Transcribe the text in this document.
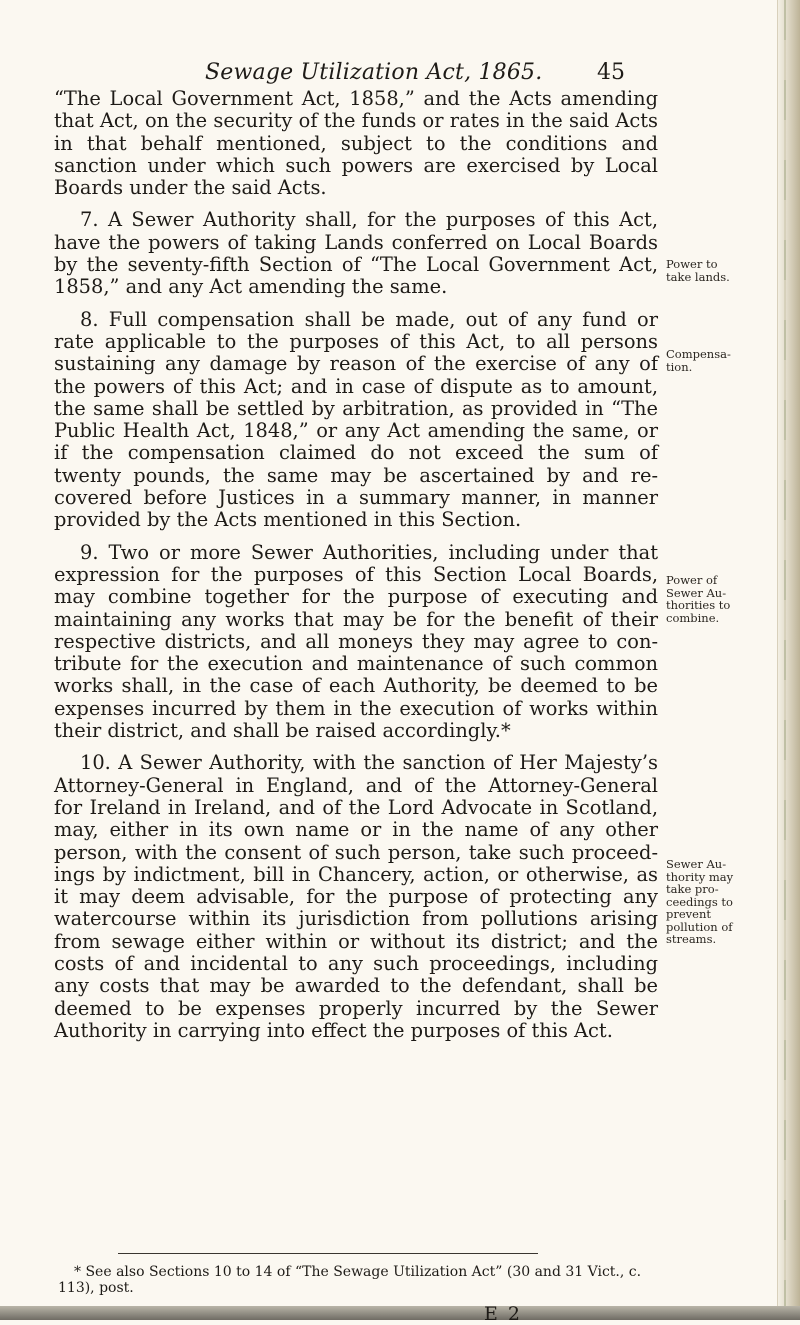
Sewage Utilization Act, 1865. 45

“The Local Government Act, 1858,” and the Acts amending that Act, on the security of the funds or rates in the said Acts in that behalf mentioned, subject to the conditions and sanction under which such powers are exercised by Local Boards under the said Acts.

7. A Sewer Authority shall, for the purposes of this Act, have the powers of taking Lands conferred on Local Boards by the seventy-fifth Section of “The Local Government Act, 1858,” and any Act amending the same.

8. Full compensation shall be made, out of any fund or rate applicable to the purposes of this Act, to all persons sustaining any damage by reason of the exercise of any of the powers of this Act; and in case of dispute as to amount, the same shall be settled by arbitration, as provided in “The Public Health Act, 1848,” or any Act amending the same, or if the compensation claimed do not exceed the sum of twenty pounds, the same may be ascertained by and re-covered before Justices in a summary manner, in manner provided by the Acts mentioned in this Section.

9. Two or more Sewer Authorities, including under that expression for the purposes of this Section Local Boards, may combine together for the purpose of executing and maintaining any works that may be for the benefit of their respective districts, and all moneys they may agree to con-tribute for the execution and maintenance of such common works shall, in the case of each Authority, be deemed to be expenses incurred by them in the execution of works within their district, and shall be raised accordingly.*

10. A Sewer Authority, with the sanction of Her Majesty’s Attorney-General in England, and of the Attorney-General for Ireland in Ireland, and of the Lord Advocate in Scotland, may, either in its own name or in the name of any other person, with the consent of such person, take such proceed-ings by indictment, bill in Chancery, action, or otherwise, as it may deem advisable, for the purpose of protecting any watercourse within its jurisdiction from pollutions arising from sewage either within or without its district; and the costs of and incidental to any such proceedings, including any costs that may be awarded to the defendant, shall be deemed to be expenses properly incurred by the Sewer Authority in carrying into effect the purposes of this Act.

Power to take lands.
Compensa-tion.
Power of Sewer Au-thorities to combine.
Sewer Au-thority may take pro-ceedings to prevent pollution of streams.
* See also Sections 10 to 14 of “The Sewage Utilization Act” (30 and 31 Vict., c. 113), post.
E 2
